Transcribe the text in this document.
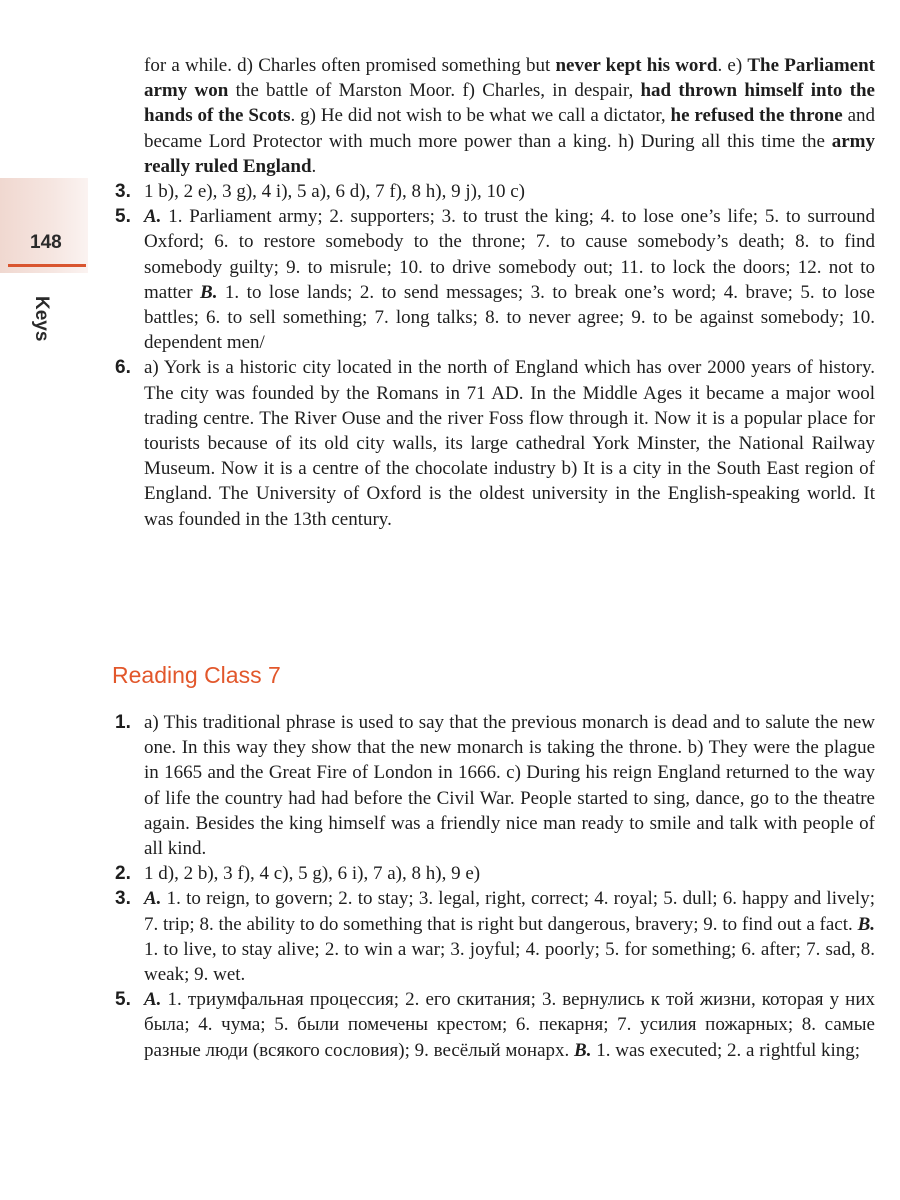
148
Keys
for a while. d) Charles often promised something but never kept his word. e) The Parliament army won the battle of Marston Moor. f) Charles, in despair, had thrown himself into the hands of the Scots. g) He did not wish to be what we call a dictator, he refused the throne and became Lord Protector with much more power than a king. h) During all this time the army really ruled England.
3. 1 b), 2 e), 3 g), 4 i), 5 a), 6 d), 7 f), 8 h), 9 j), 10 c)
5. A. 1. Parliament army; 2. supporters; 3. to trust the king; 4. to lose one’s life; 5. to surround Oxford; 6. to restore somebody to the throne; 7. to cause somebody’s death; 8. to find somebody guilty; 9. to misrule; 10. to drive somebody out; 11. to lock the doors; 12. not to matter B. 1. to lose lands; 2. to send messages; 3. to break one’s word; 4. brave; 5. to lose battles; 6. to sell something; 7. long talks; 8. to never agree; 9. to be against somebody; 10. dependent men/
6. a) York is a historic city located in the north of England which has over 2000 years of history. The city was founded by the Romans in 71 AD. In the Middle Ages it became a major wool trading centre. The River Ouse and the river Foss flow through it. Now it is a popular place for tourists because of its old city walls, its large cathedral York Minster, the National Railway Museum. Now it is a centre of the chocolate industry b) It is a city in the South East region of England. The University of Oxford is the oldest university in the English-speaking world. It was founded in the 13th century.
Reading Class 7
1. a) This traditional phrase is used to say that the previous monarch is dead and to salute the new one. In this way they show that the new monarch is taking the throne. b) They were the plague in 1665 and the Great Fire of London in 1666. c) During his reign England returned to the way of life the country had had before the Civil War. People started to sing, dance, go to the theatre again. Besides the king himself was a friendly nice man ready to smile and talk with people of all kind.
2. 1 d), 2 b), 3 f), 4 c), 5 g), 6 i), 7 a), 8 h), 9 e)
3. A. 1. to reign, to govern; 2. to stay; 3. legal, right, correct; 4. royal; 5. dull; 6. happy and lively; 7. trip; 8. the ability to do something that is right but dangerous, bravery; 9. to find out a fact. B. 1. to live, to stay alive; 2. to win a war; 3. joyful; 4. poorly; 5. for something; 6. after; 7. sad, 8. weak; 9. wet.
5. A. 1. триумфальная процессия; 2. его скитания; 3. вернулись к той жизни, которая у них была; 4. чума; 5. были помечены крестом; 6. пекарня; 7. усилия пожарных; 8. самые разные люди (всякого сословия); 9. весёлый монарх. B. 1. was executed; 2. a rightful king;
